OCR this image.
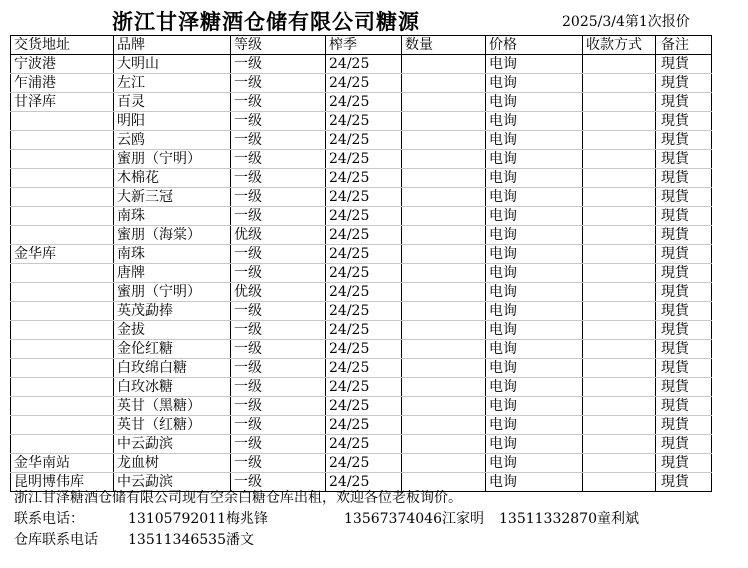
浙江甘泽糖酒仓储有限公司糖源	2025/3/4第1次报价
交货地址	品牌	等级	榨季	数量	价格	收款方式	备注
宁波港	大明山	一级	24/25		电询		現貨
乍浦港	左江	一级	24/25		电询		現貨
甘泽库	百灵	一级	24/25		电询		現貨
	明阳	一级	24/25		电询		現貨
	云鸥	一级	24/25		电询		現貨
	蜜朋（宁明）	一级	24/25		电询		現貨
	木棉花	一级	24/25		电询		現貨
	大新三冠	一级	24/25		电询		現貨
	南珠	一级	24/25		电询		現貨
	蜜朋（海棠）	优级	24/25		电询		現貨
金华库	南珠	一级	24/25		电询		現貨
	唐牌	一级	24/25		电询		現貨
	蜜朋（宁明）	优级	24/25		电询		現貨
	英茂勐捧	一级	24/25		电询		現貨
	金拔	一级	24/25		电询		現貨
	金伦红糖	一级	24/25		电询		現貨
	白玫绵白糖	一级	24/25		电询		現貨
	白玫冰糖	一级	24/25		电询		現貨
	英甘（黑糖）	一级	24/25		电询		現貨
	英甘（红糖）	一级	24/25		电询		現貨
	中云勐滨	一级	24/25		电询		現貨
金华南站	龙血树	一级	24/25		电询		現貨
昆明博伟库	中云勐滨	一级	24/25		电询		現貨
浙江甘泽糖酒仓储有限公司现有空余白糖仓库出租，欢迎各位老板询价。
联系电话：	13105792011梅兆锋	13567374046江家明 13511332870童利斌
仓库联系电话 13511346535潘文
